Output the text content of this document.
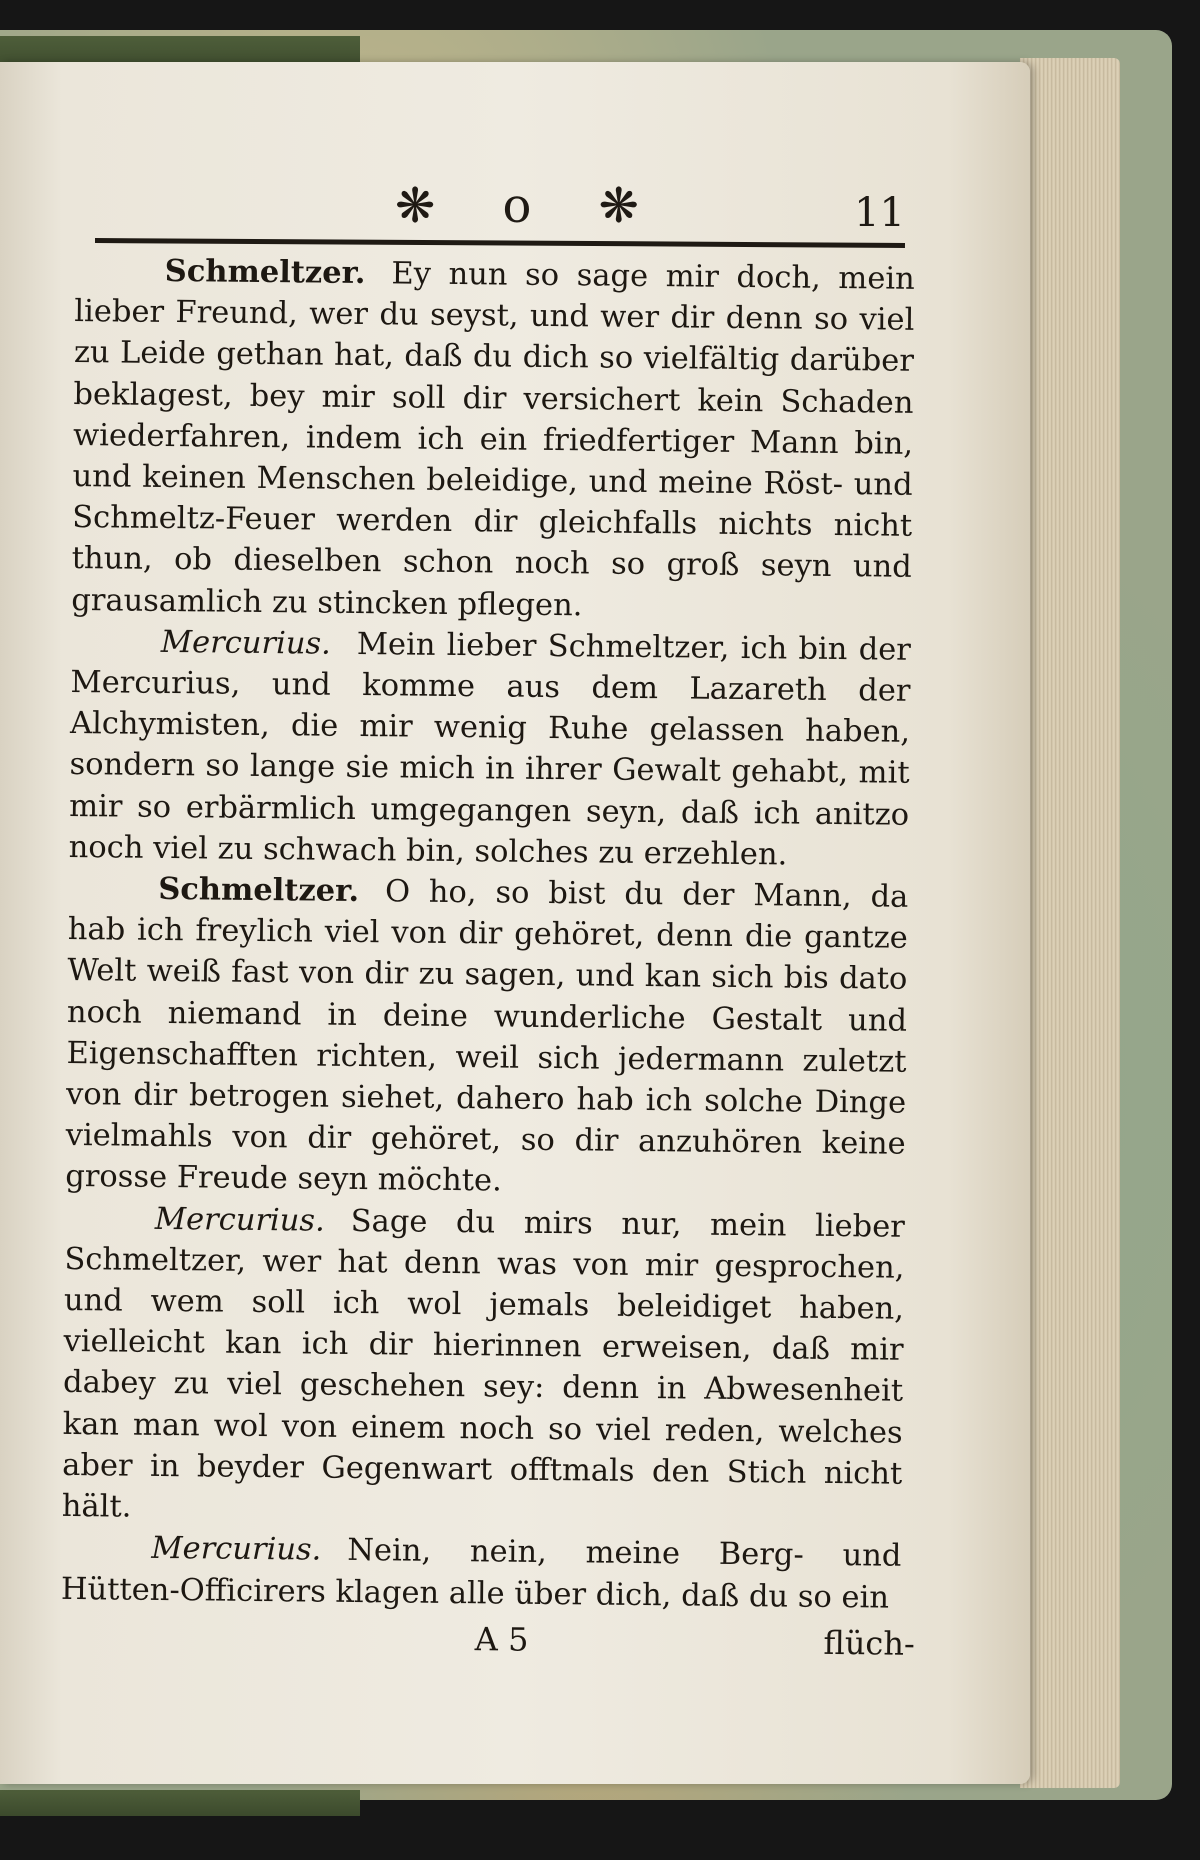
❋ o ❋	11

Schmeltzer. Ey nun so sage mir doch, mein lieber Freund, wer du seyst, und wer dir denn so viel zu Leide gethan hat, daß du dich so vielfältig darüber beklagest, bey mir soll dir versichert kein Schaden wiederfahren, indem ich ein friedfertiger Mann bin, und keinen Menschen beleidige, und meine Röst- und Schmeltz-Feuer werden dir gleichfalls nichts nicht thun, ob dieselben schon noch so groß seyn und grausamlich zu stincken pflegen.

Mercurius. Mein lieber Schmeltzer, ich bin der Mercurius, und komme aus dem Lazareth der Alchymisten, die mir wenig Ruhe gelassen haben, sondern so lange sie mich in ihrer Gewalt gehabt, mit mir so erbärmlich umgegangen seyn, daß ich anitzo noch viel zu schwach bin, solches zu erzehlen.

Schmeltzer. O ho, so bist du der Mann, da hab ich freylich viel von dir gehöret, denn die gantze Welt weiß fast von dir zu sagen, und kan sich bis dato noch niemand in deine wunderliche Gestalt und Eigenschafften richten, weil sich jedermann zuletzt von dir betrogen siehet, dahero hab ich solche Dinge vielmahls von dir gehöret, so dir anzuhören keine grosse Freude seyn möchte.

Mercurius. Sage du mirs nur, mein lieber Schmeltzer, wer hat denn was von mir gesprochen, und wem soll ich wol jemals beleidiget haben, vielleicht kan ich dir hierinnen erweisen, daß mir dabey zu viel geschehen sey: denn in Abwesenheit kan man wol von einem noch so viel reden, welches aber in beyder Gegenwart offtmals den Stich nicht hält.

Mercurius. Nein, nein, meine Berg- und Hütten-Officirers klagen alle über dich, daß du so ein

A 5	flüch-
